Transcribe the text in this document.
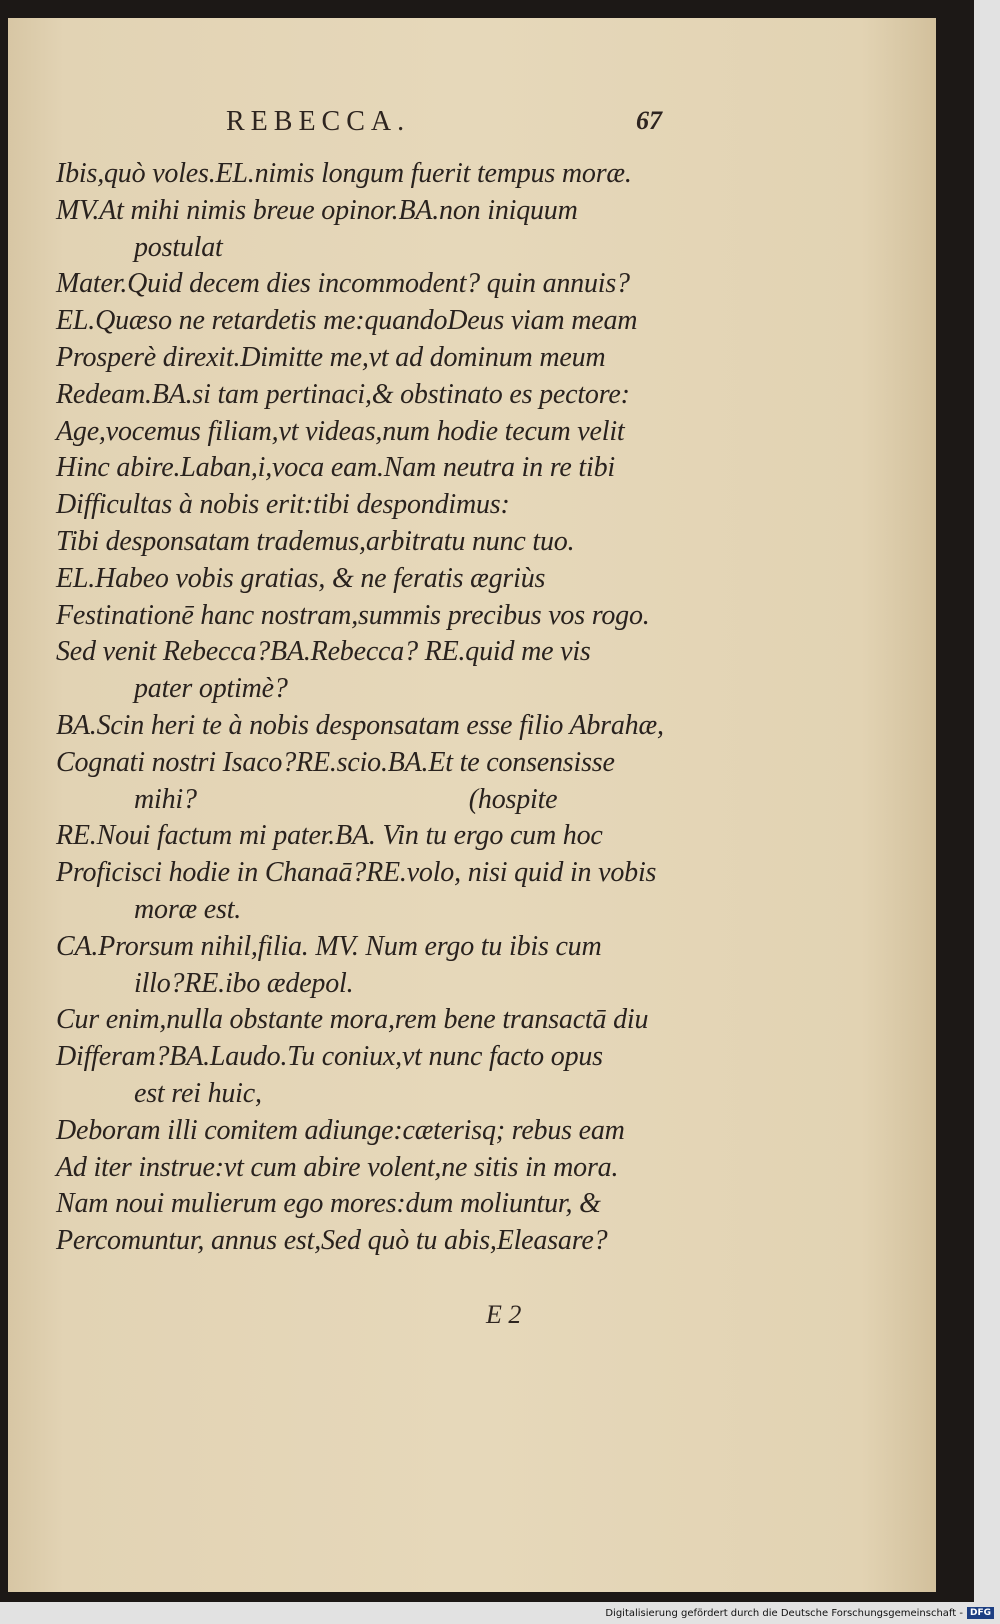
REBECCA.	67
Ibis,quò voles.EL.nimis longum fuerit tempus moræ.
MV.At mihi nimis breue opinor.BA.non iniquum
postulat
Mater.Quid decem dies incommodent? quin annuis?
EL.Quæso ne retardetis me:quandoDeus viam meam
Prosperè direxit.Dimitte me,vt ad dominum meum
Redeam.BA.si tam pertinaci,& obstinato es pectore:
Age,vocemus filiam,vt videas,num hodie tecum velit
Hinc abire.Laban,i,voca eam.Nam neutra in re tibi
Difficultas à nobis erit:tibi despondimus:
Tibi desponsatam trademus,arbitratu nunc tuo.
EL.Habeo vobis gratias, & ne feratis ægriùs
Festinationē hanc nostram,summis precibus vos rogo.
Sed venit Rebecca?BA.Rebecca? RE.quid me vis
pater optimè?
BA.Scin heri te à nobis desponsatam esse filio Abrahæ,
Cognati nostri Isaco?RE.scio.BA.Et te consensisse
mihi?                                        (hospite
RE.Noui factum mi pater.BA. Vin tu ergo cum hoc
Proficisci hodie in Chanaā?RE.volo, nisi quid in vobis
moræ est.
CA.Prorsum nihil,filia. MV. Num ergo tu ibis cum
illo?RE.ibo ædepol.
Cur enim,nulla obstante mora,rem bene transactā diu
Differam?BA.Laudo.Tu coniux,vt nunc facto opus
est rei huic,
Deboram illi comitem adiunge:cæterisq; rebus eam
Ad iter instrue:vt cum abire volent,ne sitis in mora.
Nam noui mulierum ego mores:dum moliuntur, &
Percomuntur, annus est,Sed quò tu abis,Eleasare?
E 2
Digitalisierung gefördert durch die Deutsche Forschungsgemeinschaft - DFG
